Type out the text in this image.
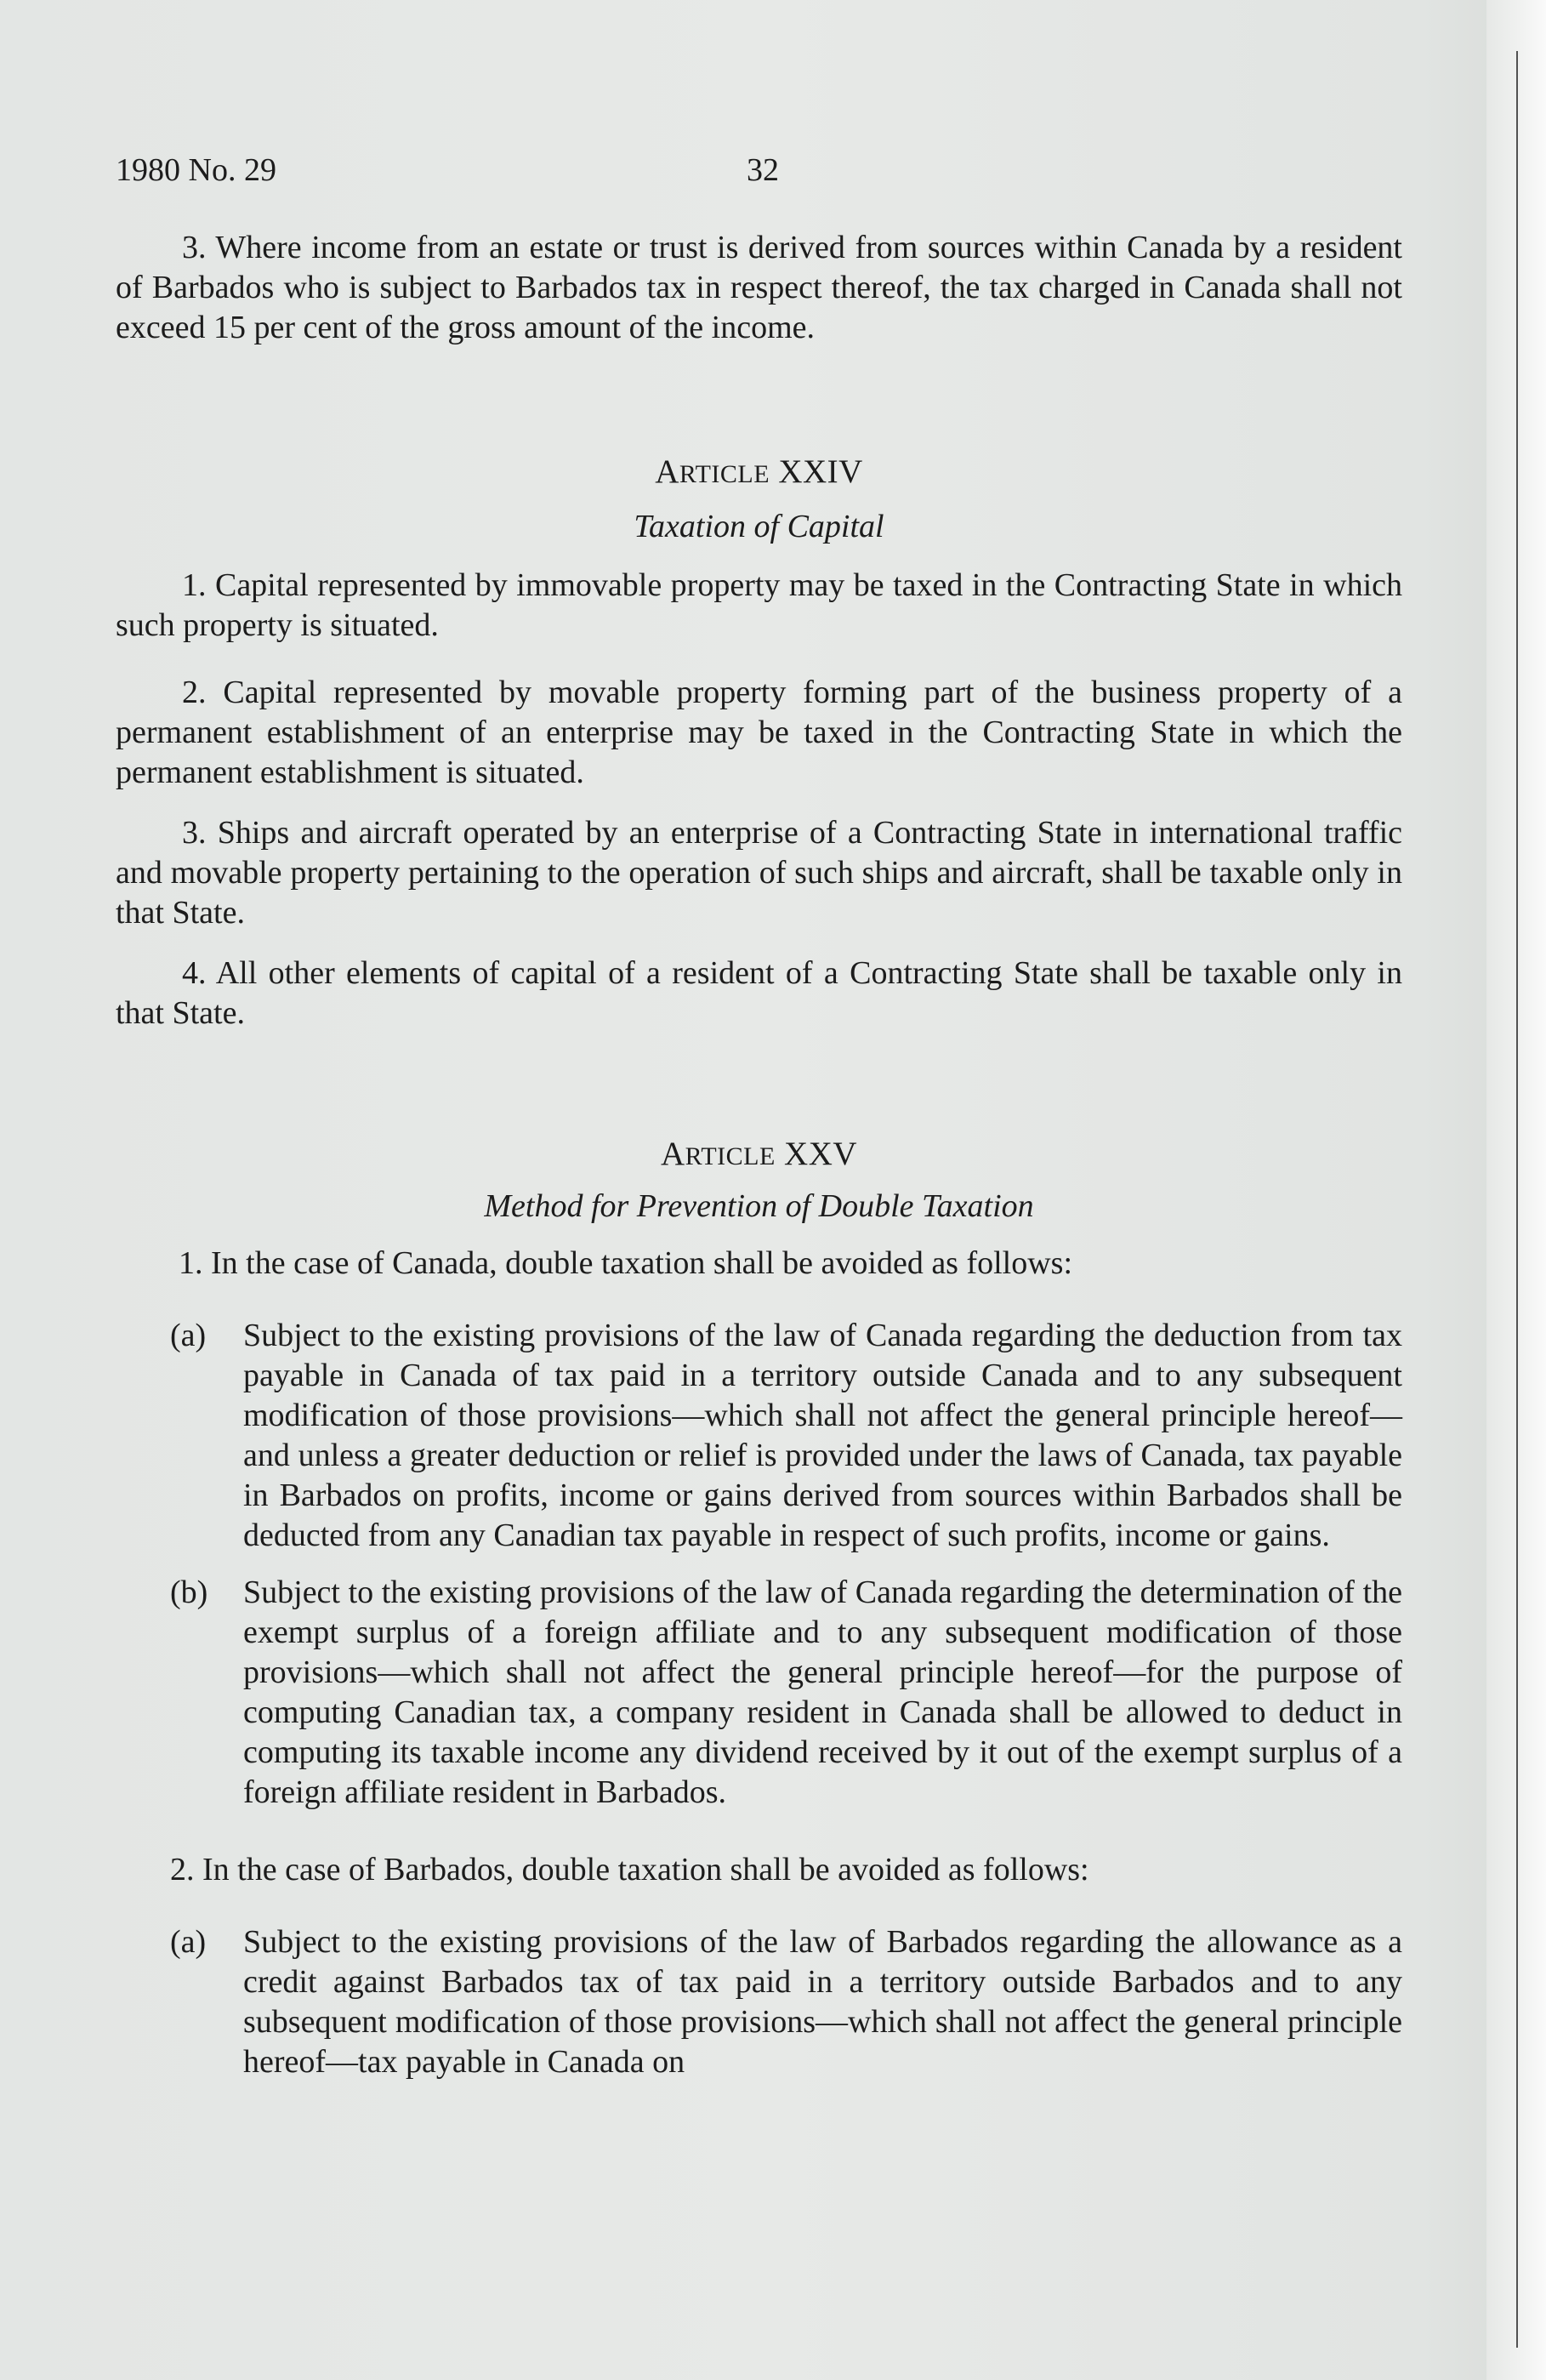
1980 No. 29	32

3. Where income from an estate or trust is derived from sources within Canada by a resident of Barbados who is subject to Barbados tax in respect thereof, the tax charged in Canada shall not exceed 15 per cent of the gross amount of the income.

ARTICLE XXIV

Taxation of Capital

1. Capital represented by immovable property may be taxed in the Contracting State in which such property is situated.

2. Capital represented by movable property forming part of the business property of a permanent establishment of an enterprise may be taxed in the Contracting State in which the permanent establishment is situated.

3. Ships and aircraft operated by an enterprise of a Contracting State in international traffic and movable property pertaining to the operation of such ships and aircraft, shall be taxable only in that State.

4. All other elements of capital of a resident of a Contracting State shall be taxable only in that State.

ARTICLE XXV

Method for Prevention of Double Taxation

1. In the case of Canada, double taxation shall be avoided as follows:

(a) Subject to the existing provisions of the law of Canada regarding the deduction from tax payable in Canada of tax paid in a territory outside Canada and to any subsequent modification of those provisions—which shall not affect the general principle hereof—and unless a greater deduction or relief is provided under the laws of Canada, tax payable in Barbados on profits, income or gains derived from sources within Barbados shall be deducted from any Canadian tax payable in respect of such profits, income or gains.
(b) Subject to the existing provisions of the law of Canada regarding the determination of the exempt surplus of a foreign affiliate and to any subsequent modification of those provisions—which shall not affect the general principle hereof—for the purpose of computing Canadian tax, a company resident in Canada shall be allowed to deduct in computing its taxable income any dividend received by it out of the exempt surplus of a foreign affiliate resident in Barbados.

2. In the case of Barbados, double taxation shall be avoided as follows:

(a) Subject to the existing provisions of the law of Barbados regarding the allowance as a credit against Barbados tax of tax paid in a territory outside Barbados and to any subsequent modification of those provisions—which shall not affect the general principle hereof—tax payable in Canada on
